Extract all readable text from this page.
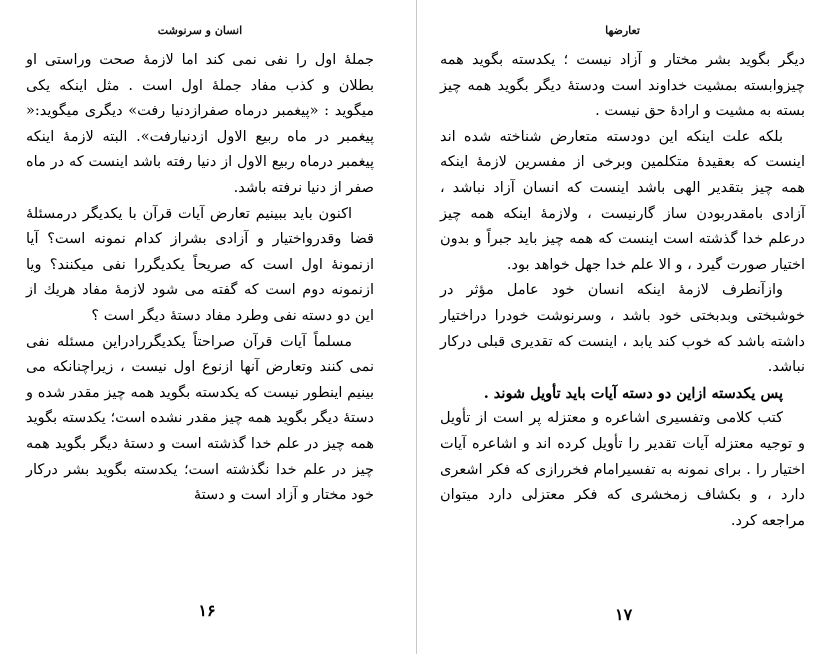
انسان و سرنوشت

جملهٔ اول را نفی نمی کند اما لازمهٔ صحت وراستی او بطلان و کذب مفاد جملهٔ اول است . مثل اینکه یکی میگوید : «پیغمبر درماه صفرازدنیا رفت» دیگری میگوید:« پیغمبر در ماه ربیع الاول ازدنیارفت». البته لازمهٔ اینکه پیغمبر درماه ربیع الاول از دنیا رفته باشد اینست که در ماه صفر از دنیا نرفته باشد.

اکنون باید ببینیم تعارض آیات قرآن با یکدیگر درمسئلهٔ قضا وقدرواختیار و آزادی بشراز کدام نمونه است؟ آیا ازنمونهٔ اول است که صریحاً یکدیگررا نفی میکنند؟ ویا ازنمونه دوم است که گفته می شود لازمهٔ مفاد هریك از این دو دسته نفی وطرد مفاد دستهٔ دیگر است ؟

مسلماً آیات قرآن صراحتاً یکدیگررادراین مسئله نفی نمی کنند وتعارض آنها ازنوع اول نیست ، زیراچنانکه می بینیم اینطور نیست که یکدسته بگوید همه چیز مقدر شده و دستهٔ دیگر بگوید همه چیز مقدر نشده است؛ یکدسته بگوید همه چیز در علم خدا گذشته است و دستهٔ دیگر بگوید همه چیز در علم خدا نگذشته است؛ یکدسته بگوید بشر درکار خود مختار و آزاد است و دستهٔ

۱۶
تعارضها

دیگر بگوید بشر مختار و آزاد نیست ؛ یکدسته بگوید همه چیزوابسته بمشیت خداوند است ودستهٔ دیگر بگوید همه چیز بسته به مشیت و ارادهٔ حق نیست .

بلکه علت اینکه این دودسته متعارض شناخته شده اند اینست که بعقیدهٔ متکلمین وبرخی از مفسرین لازمهٔ اینکه همه چیز بتقدیر الهی باشد اینست که انسان آزاد نباشد ، آزادی بامقدربودن ساز گارنیست ، ولازمهٔ اینکه همه چیز درعلم خدا گذشته است اینست که همه چیز باید جبراً و بدون اختیار صورت گیرد ، و الا علم خدا جهل خواهد بود.

وازآنطرف لازمهٔ اینکه انسان خود عامل مؤثر در خوشبختی وبدبختی خود باشد ، وسرنوشت خودرا دراختیار داشته باشد که خوب کند یابد ، اینست که تقدیری قبلی درکار نباشد.

پس یکدسته ازاین دو دسته آیات باید تأویل شوند .

کتب کلامی وتفسیری اشاعره و معتزله پر است از تأویل و توجیه معتزله آیات تقدیر را تأویل کرده اند و اشاعره آیات اختیار را . برای نمونه به تفسیرامام فخررازی که فکر اشعری دارد ، و بکشاف زمخشری که فکر معتزلی دارد میتوان مراجعه کرد.

۱۷
